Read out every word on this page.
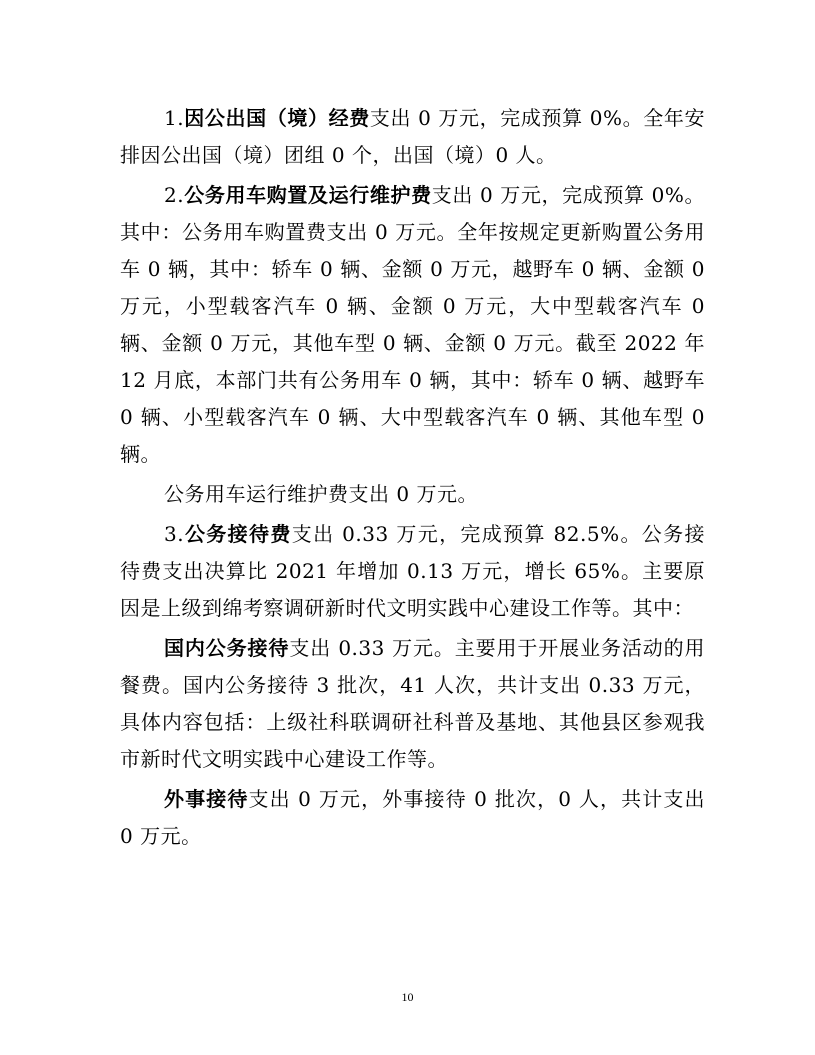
1.因公出国（境）经费支出 0 万元，完成预算 0%。全年安排因公出国（境）团组 0 个，出国（境）0 人。

2.公务用车购置及运行维护费支出 0 万元，完成预算 0%。其中：公务用车购置费支出 0 万元。全年按规定更新购置公务用车 0 辆，其中：轿车 0 辆、金额 0 万元，越野车 0 辆、金额 0 万元，小型载客汽车 0 辆、金额 0 万元，大中型载客汽车 0 辆、金额 0 万元，其他车型 0 辆、金额 0 万元。截至 2022 年 12 月底，本部门共有公务用车 0 辆，其中：轿车 0 辆、越野车 0 辆、小型载客汽车 0 辆、大中型载客汽车 0 辆、其他车型 0 辆。

公务用车运行维护费支出 0 万元。

3.公务接待费支出 0.33 万元，完成预算 82.5%。公务接待费支出决算比 2021 年增加 0.13 万元，增长 65%。主要原因是上级到绵考察调研新时代文明实践中心建设工作等。其中：

国内公务接待支出 0.33 万元。主要用于开展业务活动的用餐费。国内公务接待 3 批次，41 人次，共计支出 0.33 万元，具体内容包括：上级社科联调研社科普及基地、其他县区参观我市新时代文明实践中心建设工作等。

外事接待支出 0 万元，外事接待 0 批次，0 人，共计支出 0 万元。

10
